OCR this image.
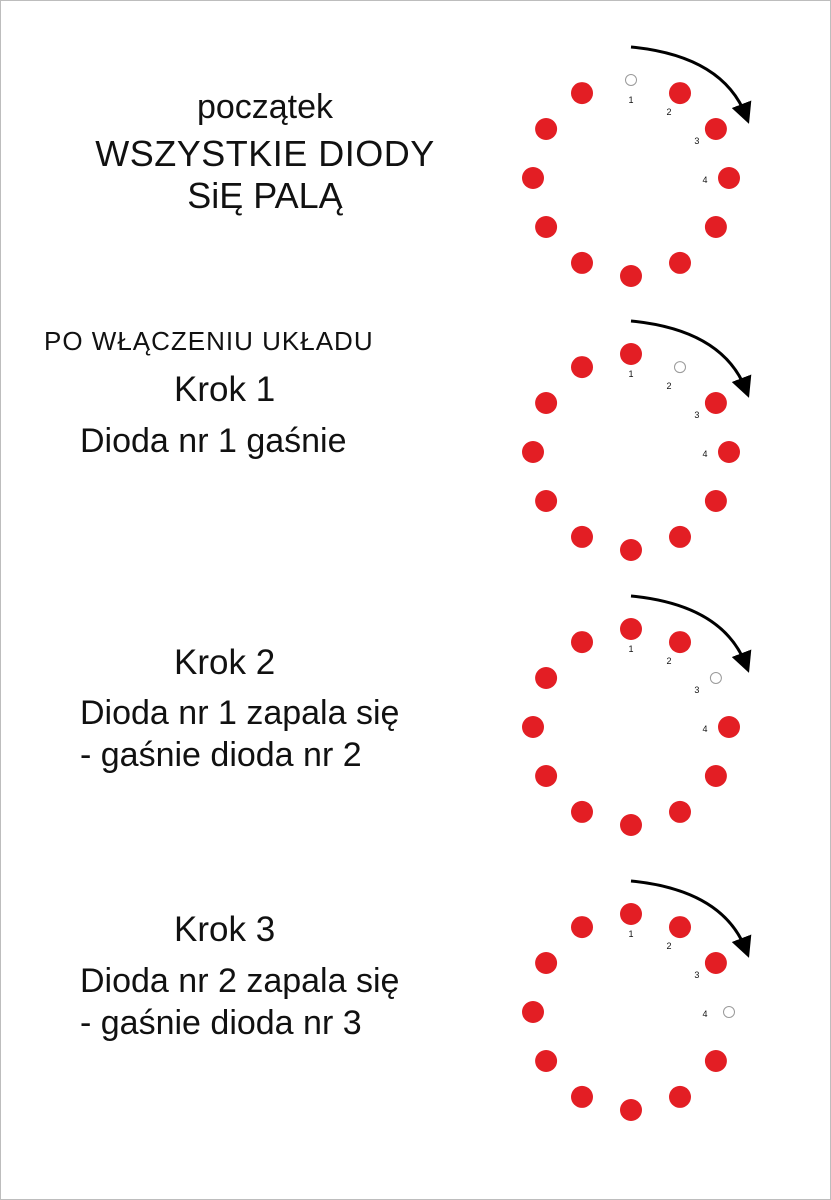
początek
WSZYSTKIE DIODY
SiĘ PALĄ
PO WŁĄCZENIU UKŁADU
Krok 1
Dioda nr 1 gaśnie
Krok 2
Dioda nr 1 zapala się
- gaśnie dioda nr 2
Krok 3
Dioda nr 2 zapala się
- gaśnie dioda nr 3
1
2
3
4
1
2
3
4
1
2
3
4
1
2
3
4
